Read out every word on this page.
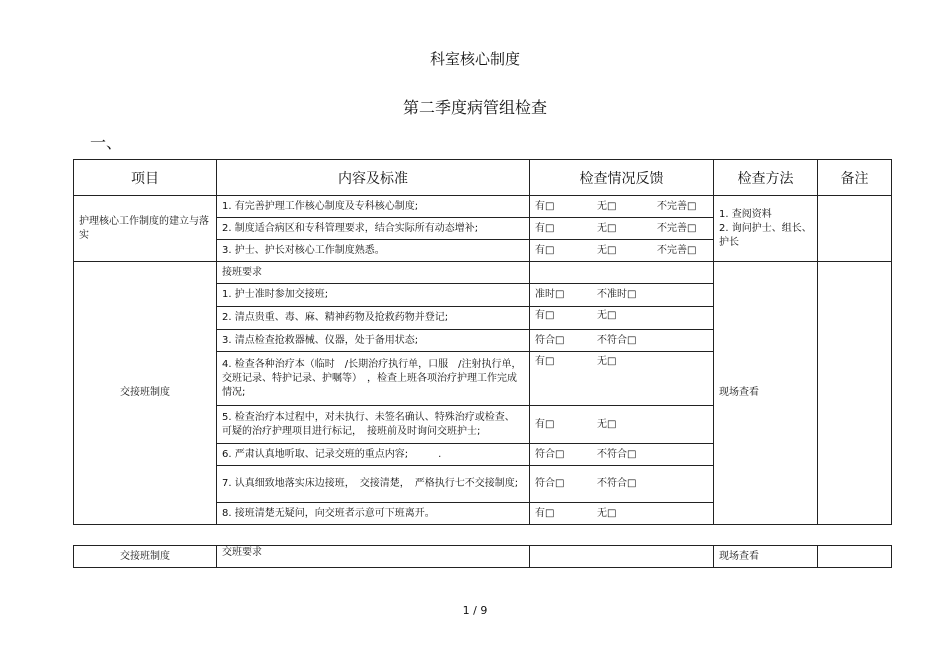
科室核心制度
第二季度病管组检查
一、
项目	内容及标准	检查情况反馈	检查方法	备注
护理核心工作制度的建立与落实	1. 有完善护理工作核心制度及专科核心制度;	有□ 无□ 不完善□	1. 查阅资料
2. 询问护士、组长、护长	
	2. 制度适合病区和专科管理要求，结合实际所有动态增补;	有□ 无□ 不完善□		

	3. 护士、护长对核心工作制度熟悉。	有□ 无□ 不完善□		

交接班制度	接班要求		现场查看	
	1. 护士准时参加交接班;	准时□ 不准时□		

	2. 清点贵重、毒、麻、精神药物及抢救药物并登记;	有□ 无□		

	3. 清点检查抢救器械、仪器，处于备用状态;	符合□ 不符合□		

	4. 检查各种治疗本（临时　/长期治疗执行单，口服　/注射执行单，交班记录、特护记录、护嘱等）　，检查上班各项治疗护理工作完成情况;	有□ 无□		

	5. 检查治疗本过程中，对未执行、未签名确认、特殊治疗或检查、可疑的治疗护理项目进行标记，　接班前及时询问交班护士;	有□ 无□		

	6. 严肃认真地听取、记录交班的重点内容;　　　.	符合□ 不符合□		

	7. 认真细致地落实床边接班，　交接清楚，　严格执行七不交接制度;	符合□ 不符合□		

	8. 接班清楚无疑问，向交班者示意可下班离开。	有□ 无□		
交接班制度	交班要求		现场查看	
1 / 9
